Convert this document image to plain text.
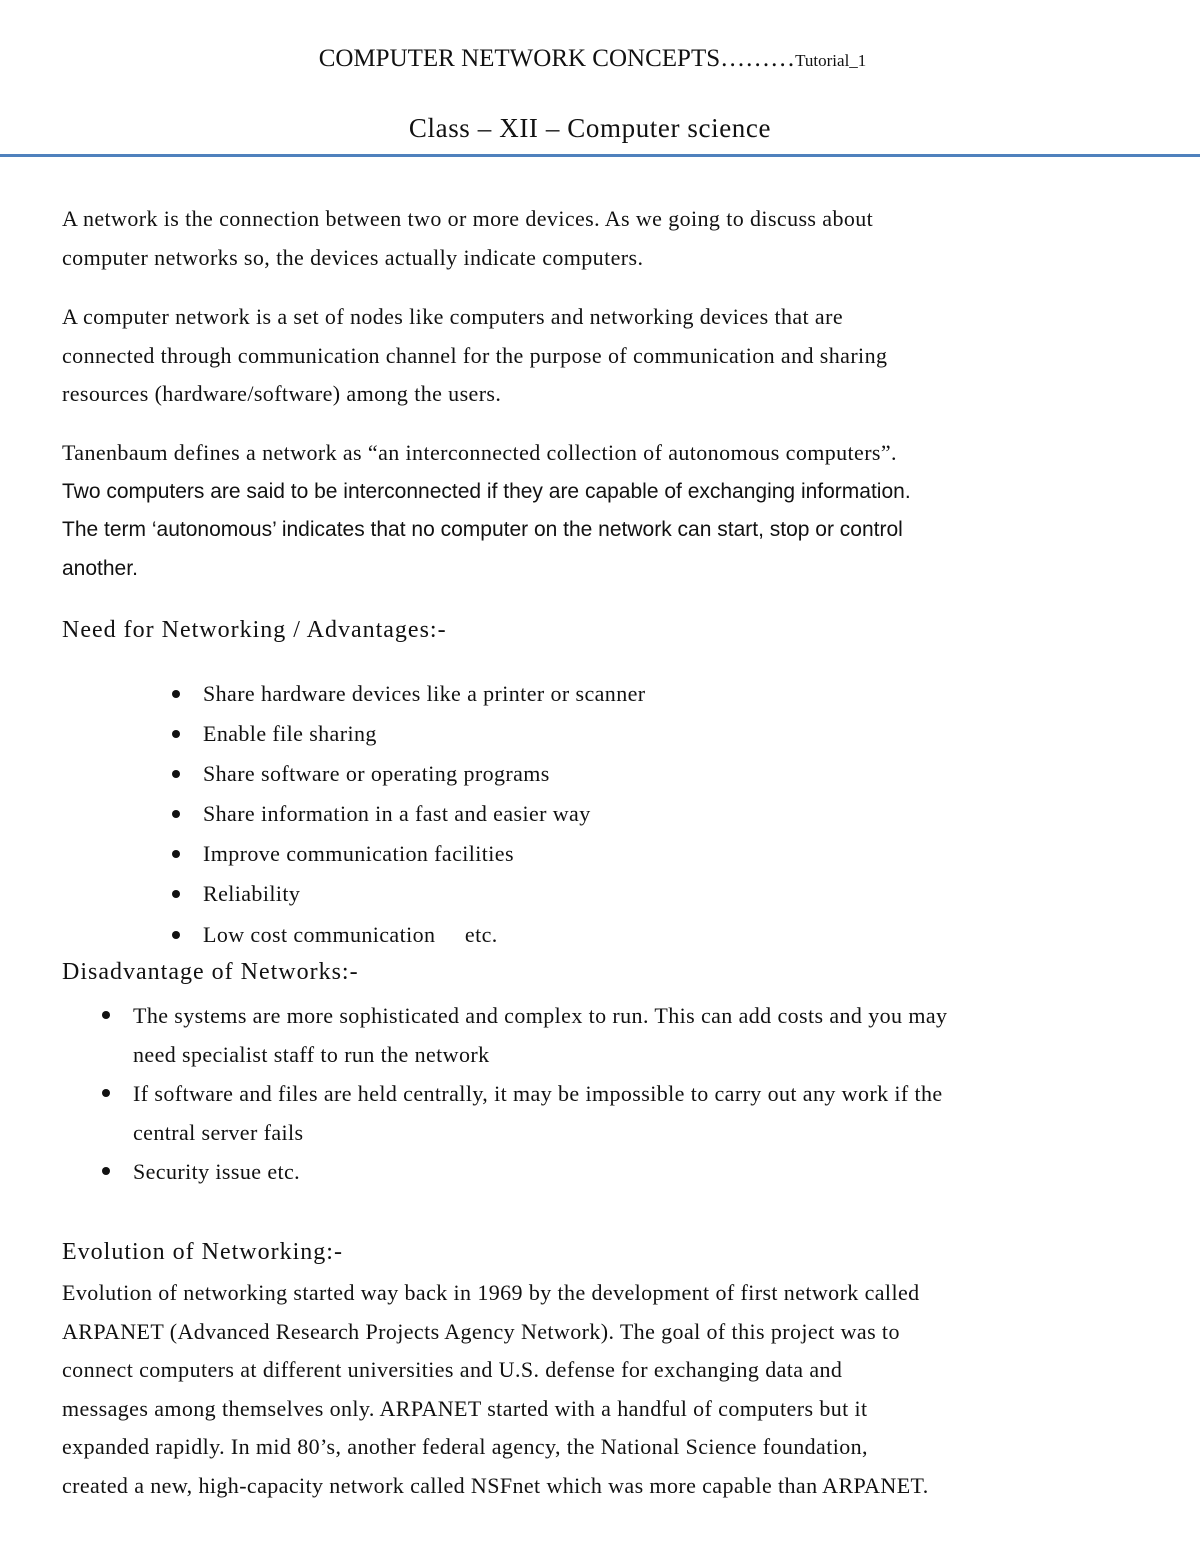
COMPUTER NETWORK CONCEPTS………Tutorial_1
Class – XII – Computer science
A network is the connection between two or more devices. As we going to discuss about
computer networks so, the devices actually indicate computers.
A computer network is a set of nodes like computers and networking devices that are
connected through communication channel for the purpose of communication and sharing
resources (hardware/software) among the users.
Tanenbaum defines a network as “an interconnected collection of autonomous computers”.
Two computers are said to be interconnected if they are capable of exchanging information.
The term ‘autonomous’ indicates that no computer on the network can start, stop or control
another.
Need for Networking / Advantages:-
Share hardware devices like a printer or scanner
Enable file sharing
Share software or operating programs
Share information in a fast and easier way
Improve communication facilities
Reliability
Low cost communication     etc.
Disadvantage of Networks:-
The systems are more sophisticated and complex to run. This can add costs and you may
need specialist staff to run the network
If software and files are held centrally, it may be impossible to carry out any work if the
central server fails
Security issue etc.
Evolution of Networking:-
Evolution of networking started way back in 1969 by the development of first network called
ARPANET (Advanced Research Projects Agency Network). The goal of this project was to
connect computers at different universities and U.S. defense for exchanging data and
messages among themselves only. ARPANET started with a handful of computers but it
expanded rapidly. In mid 80’s, another federal agency, the National Science foundation,
created a new, high-capacity network called NSFnet which was more capable than ARPANET.
